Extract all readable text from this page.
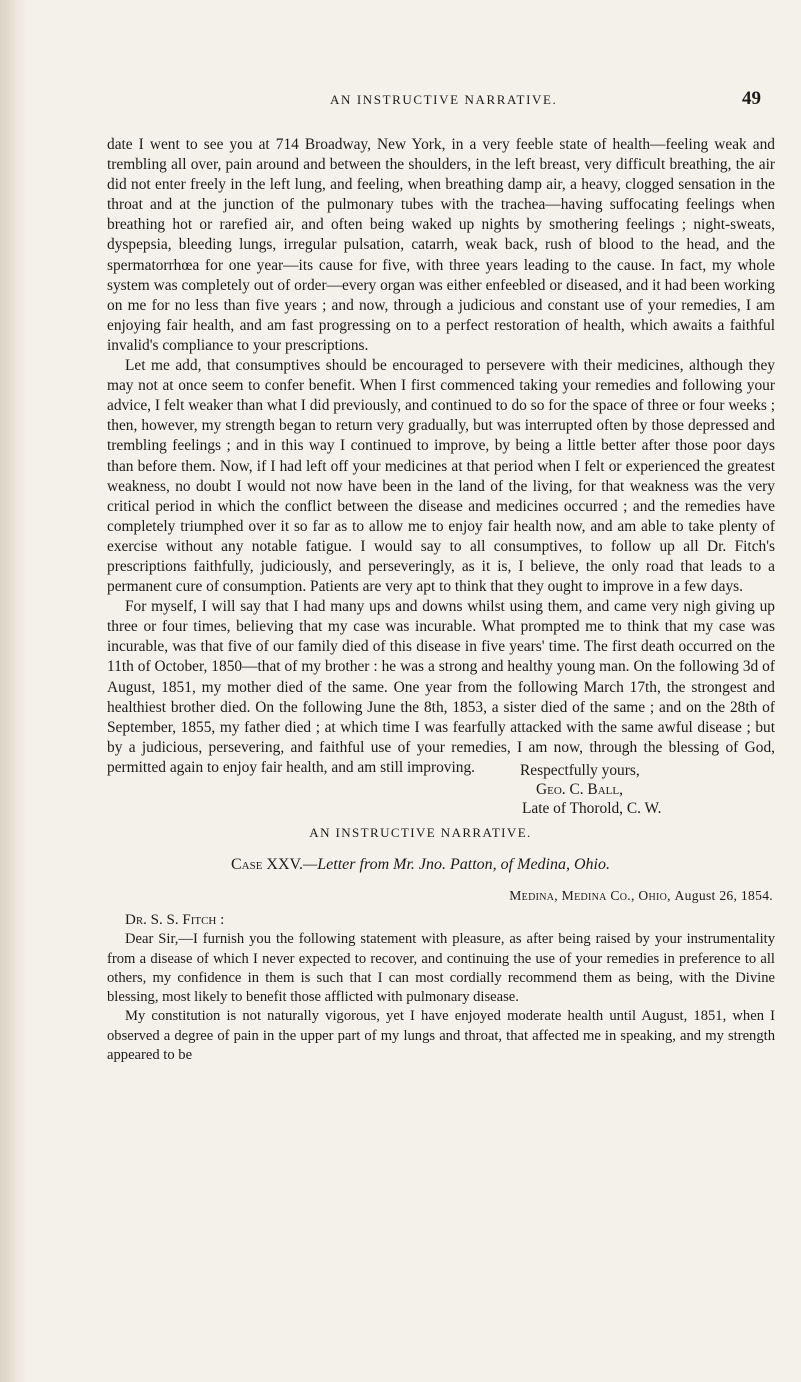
AN INSTRUCTIVE NARRATIVE.	49

date I went to see you at 714 Broadway, New York, in a very feeble state of health—feeling weak and trembling all over, pain around and between the shoulders, in the left breast, very difficult breathing, the air did not enter freely in the left lung, and feeling, when breathing damp air, a heavy, clogged sensation in the throat and at the junction of the pulmonary tubes with the trachea—having suffocating feelings when breathing hot or rarefied air, and often being waked up nights by smothering feelings ; night-sweats, dyspepsia, bleeding lungs, irregular pulsation, catarrh, weak back, rush of blood to the head, and the spermatorrhœa for one year—its cause for five, with three years leading to the cause. In fact, my whole system was completely out of order—every organ was either enfeebled or diseased, and it had been working on me for no less than five years ; and now, through a judicious and constant use of your remedies, I am enjoying fair health, and am fast progressing on to a perfect restoration of health, which awaits a faithful invalid's compliance to your prescriptions.

Let me add, that consumptives should be encouraged to persevere with their medicines, although they may not at once seem to confer benefit. When I first commenced taking your remedies and following your advice, I felt weaker than what I did previously, and continued to do so for the space of three or four weeks ; then, however, my strength began to return very gradually, but was interrupted often by those depressed and trembling feelings ; and in this way I continued to improve, by being a little better after those poor days than before them. Now, if I had left off your medicines at that period when I felt or experienced the greatest weakness, no doubt I would not now have been in the land of the living, for that weakness was the very critical period in which the conflict between the disease and medicines occurred ; and the remedies have completely triumphed over it so far as to allow me to enjoy fair health now, and am able to take plenty of exercise without any notable fatigue. I would say to all consumptives, to follow up all Dr. Fitch's prescriptions faithfully, judiciously, and perseveringly, as it is, I believe, the only road that leads to a permanent cure of consumption. Patients are very apt to think that they ought to improve in a few days.

For myself, I will say that I had many ups and downs whilst using them, and came very nigh giving up three or four times, believing that my case was incurable. What prompted me to think that my case was incurable, was that five of our family died of this disease in five years' time. The first death occurred on the 11th of October, 1850—that of my brother : he was a strong and healthy young man. On the following 3d of August, 1851, my mother died of the same. One year from the following March 17th, the strongest and healthiest brother died. On the following June the 8th, 1853, a sister died of the same ; and on the 28th of September, 1855, my father died ; at which time I was fearfully attacked with the same awful disease ; but by a judicious, persevering, and faithful use of your remedies, I am now, through the blessing of God, permitted again to enjoy fair health, and am still improving.	Respectfully yours,
Geo. C. Ball,
Late of Thorold, C. W.
AN INSTRUCTIVE NARRATIVE.
Case XXV.—Letter from Mr. Jno. Patton, of Medina, Ohio.
Medina, Medina Co., Ohio, August 26, 1854.

Dr. S. S. Fitch :

Dear Sir,—I furnish you the following statement with pleasure, as after being raised by your instrumentality from a disease of which I never expected to recover, and continuing the use of your remedies in preference to all others, my confidence in them is such that I can most cordially recommend them as being, with the Divine blessing, most likely to benefit those afflicted with pulmonary disease.

My constitution is not naturally vigorous, yet I have enjoyed moderate health until August, 1851, when I observed a degree of pain in the upper part of my lungs and throat, that affected me in speaking, and my strength appeared to be
